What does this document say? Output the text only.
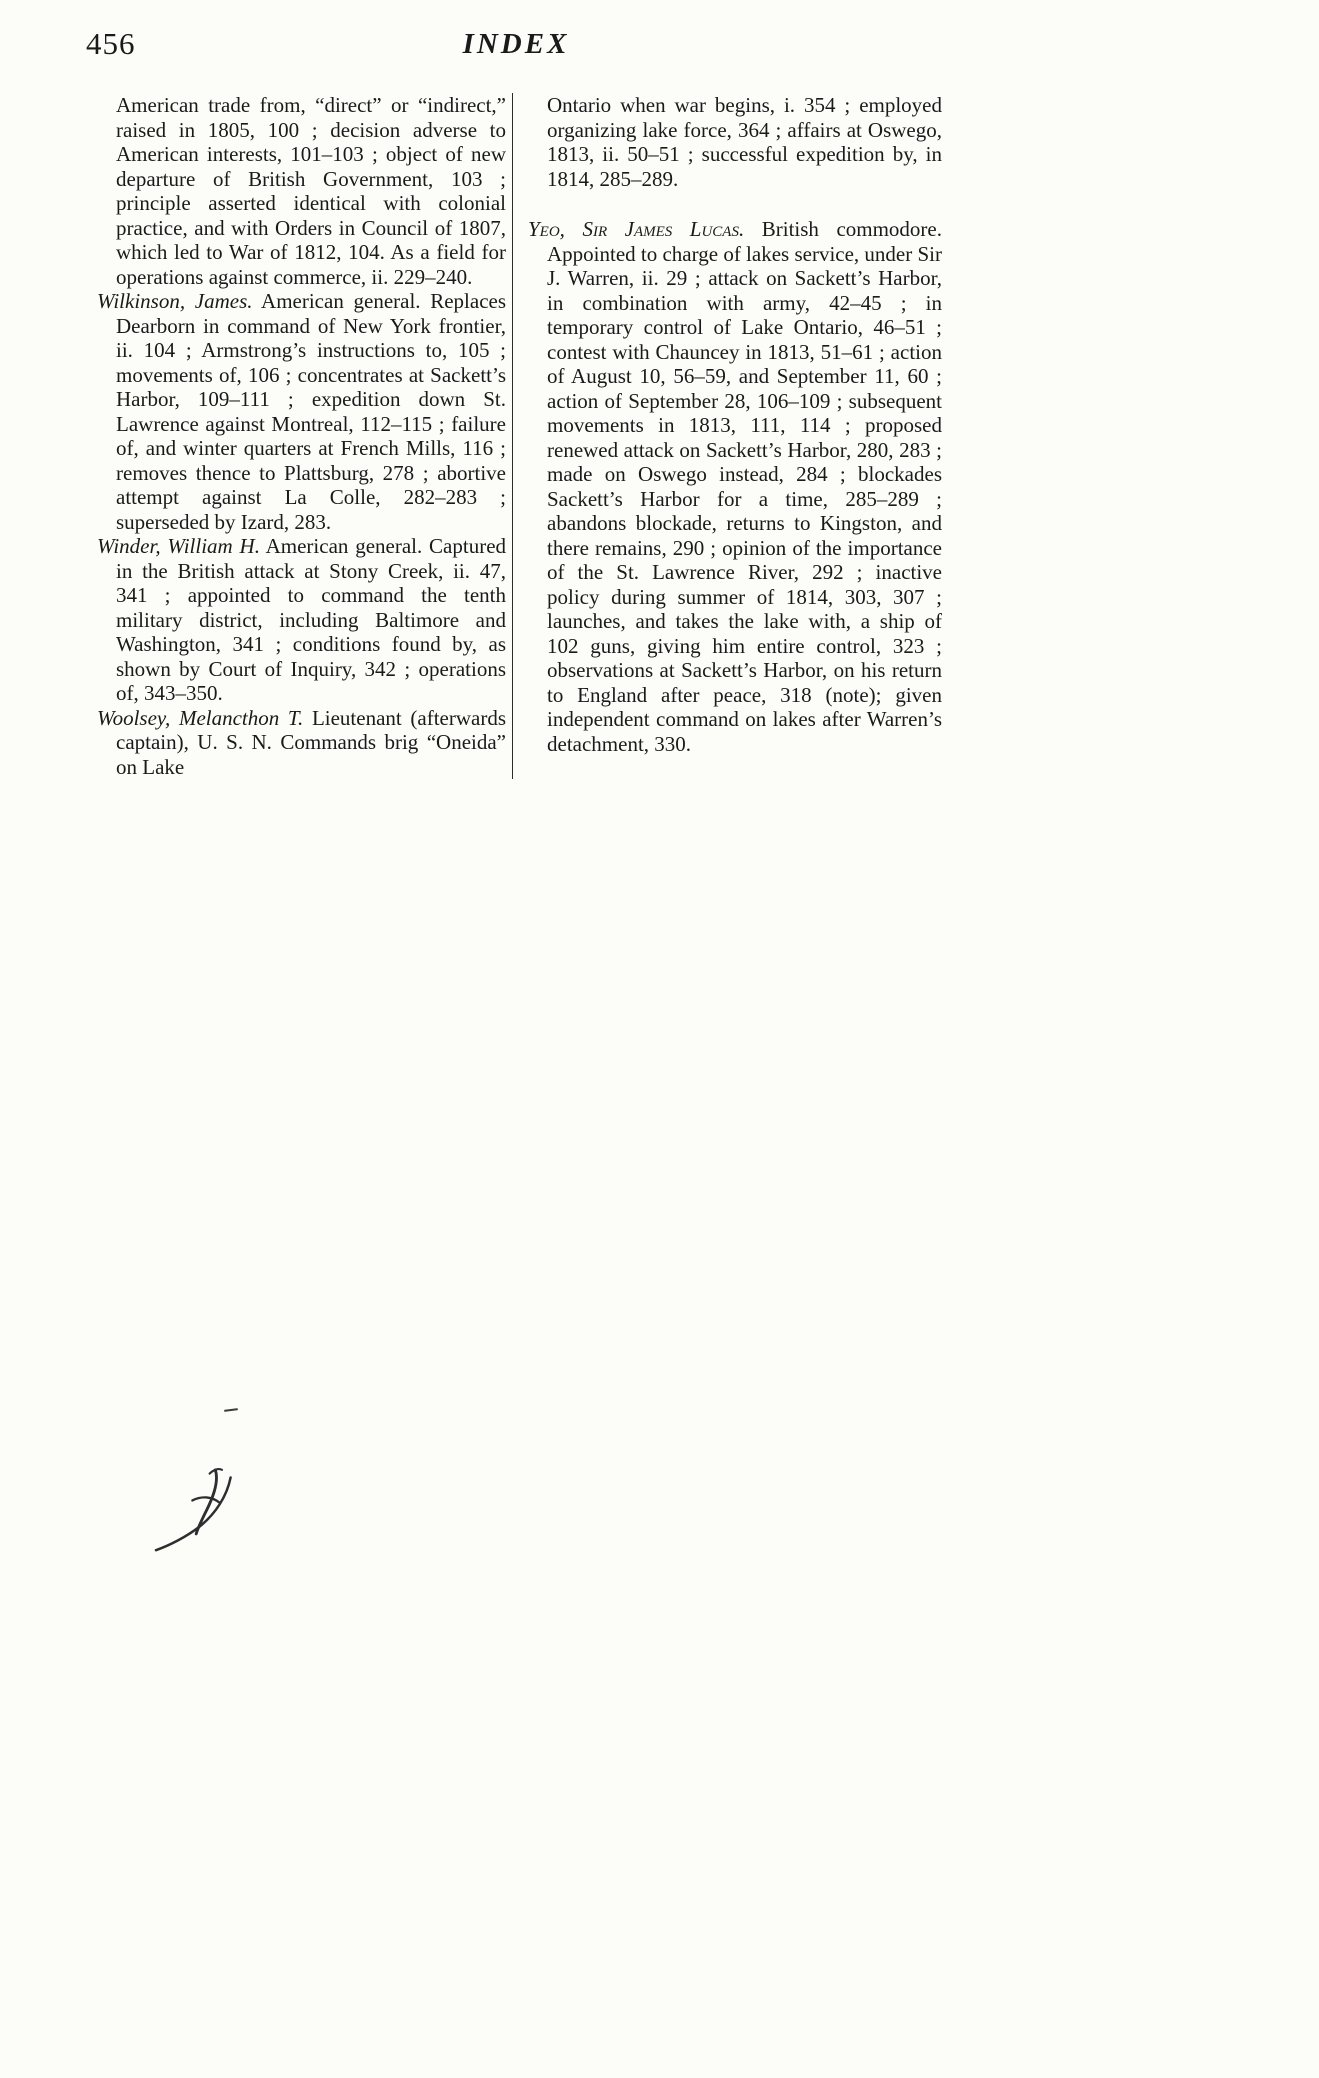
456	INDEX

American trade from, “direct” or “indirect,” raised in 1805, 100 ; decision adverse to American interests, 101–103 ; object of new departure of British Government, 103 ; principle asserted identical with colonial practice, and with Orders in Council of 1807, which led to War of 1812, 104. As a field for operations against commerce, ii. 229–240.

Wilkinson, James. American general. Replaces Dearborn in command of New York frontier, ii. 104 ; Armstrong’s instructions to, 105 ; movements of, 106 ; concentrates at Sackett’s Harbor, 109–111 ; expedition down St. Lawrence against Montreal, 112–115 ; failure of, and winter quarters at French Mills, 116 ; removes thence to Plattsburg, 278 ; abortive attempt against La Colle, 282–283 ; superseded by Izard, 283.

Winder, William H. American general. Captured in the British attack at Stony Creek, ii. 47, 341 ; appointed to command the tenth military district, including Baltimore and Washington, 341 ; conditions found by, as shown by Court of Inquiry, 342 ; operations of, 343–350.

Woolsey, Melancthon T. Lieutenant (afterwards captain), U. S. N. Commands brig “Oneida” on Lake

Ontario when war begins, i. 354 ; employed organizing lake force, 364 ; affairs at Oswego, 1813, ii. 50–51 ; successful expedition by, in 1814, 285–289.

Yeo, Sir James Lucas. British commodore. Appointed to charge of lakes service, under Sir J. Warren, ii. 29 ; attack on Sackett’s Harbor, in combination with army, 42–45 ; in temporary control of Lake Ontario, 46–51 ; contest with Chauncey in 1813, 51–61 ; action of August 10, 56–59, and September 11, 60 ; action of September 28, 106–109 ; subsequent movements in 1813, 111, 114 ; proposed renewed attack on Sackett’s Harbor, 280, 283 ; made on Oswego instead, 284 ; blockades Sackett’s Harbor for a time, 285–289 ; abandons blockade, returns to Kingston, and there remains, 290 ; opinion of the importance of the St. Lawrence River, 292 ; inactive policy during summer of 1814, 303, 307 ; launches, and takes the lake with, a ship of 102 guns, giving him entire control, 323 ; observations at Sackett’s Harbor, on his return to England after peace, 318 (note); given independent command on lakes after Warren’s detachment, 330.
